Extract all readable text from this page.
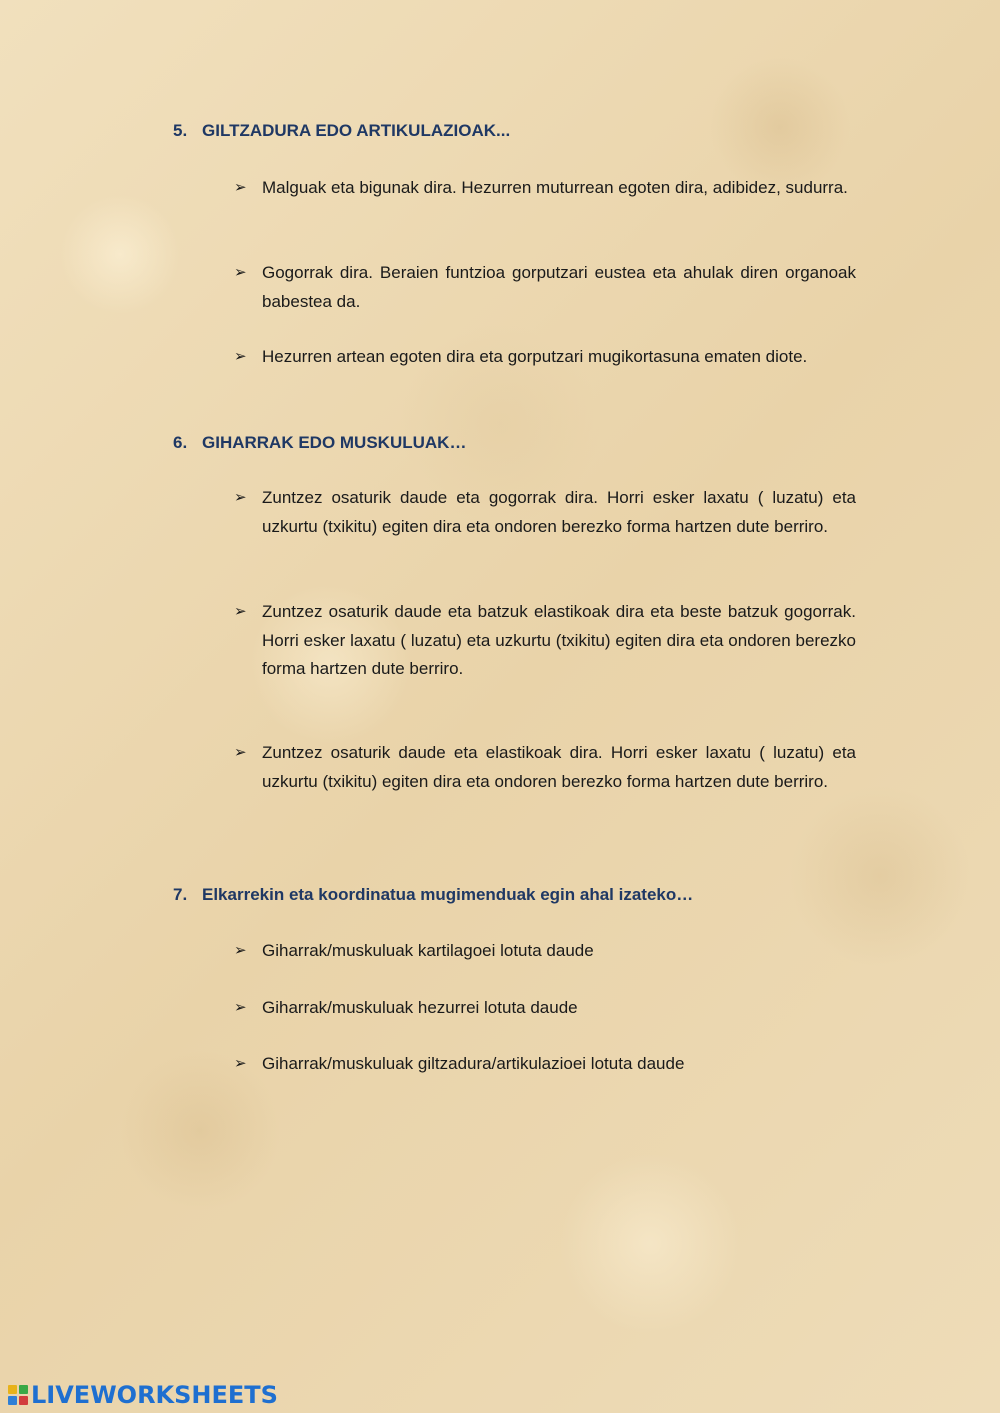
5. GILTZADURA EDO ARTIKULAZIOAK...
➢ Malguak eta bigunak dira. Hezurren muturrean egoten dira, adibidez, sudurra.
➢ Gogorrak dira. Beraien funtzioa gorputzari eustea eta ahulak diren organoak babestea da.
➢ Hezurren artean egoten dira eta gorputzari mugikortasuna ematen diote.
6. GIHARRAK EDO MUSKULUAK…
➢ Zuntzez osaturik daude eta gogorrak dira. Horri esker laxatu ( luzatu) eta uzkurtu (txikitu) egiten dira eta ondoren berezko forma hartzen dute berriro.
➢ Zuntzez osaturik daude eta batzuk elastikoak dira eta beste batzuk gogorrak. Horri esker laxatu ( luzatu) eta uzkurtu (txikitu) egiten dira eta ondoren berezko forma hartzen dute berriro.
➢ Zuntzez osaturik daude eta elastikoak dira. Horri esker laxatu ( luzatu) eta uzkurtu (txikitu) egiten dira eta ondoren berezko forma hartzen dute berriro.
7. Elkarrekin eta koordinatua mugimenduak egin ahal izateko…
➢ Giharrak/muskuluak kartilagoei lotuta daude
➢ Giharrak/muskuluak hezurrei lotuta daude
➢ Giharrak/muskuluak giltzadura/artikulazioei lotuta daude
LIVEWORKSHEETS
